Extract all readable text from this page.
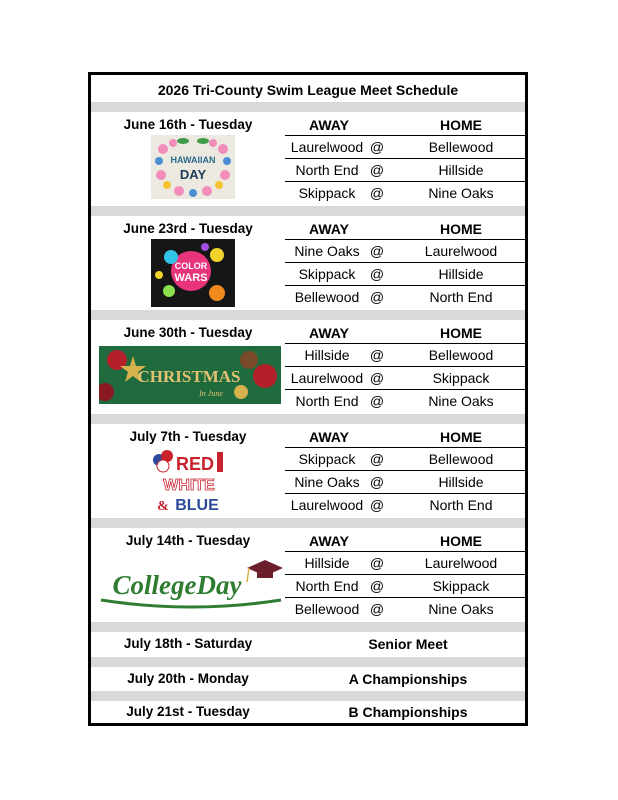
2026 Tri-County Swim League Meet Schedule
June 16th - Tuesday
HAWAIIAN
DAY
AWAY	HOME
Laurelwood @	Bellewood
North End @	Hillside
Skippack	@	Nine Oaks
June 23rd - Tuesday
COLOR
WARS
AWAY	HOME
Nine Oaks @	Laurelwood
Skippack	@	Hillside
Bellewood @	North End
June 30th - Tuesday
CHRISTMAS
In June
AWAY	HOME
Hillside	@	Bellewood
Laurelwood @	Skippack
North End @	Nine Oaks
July 7th - Tuesday
RED
WHITE
& BLUE
AWAY	HOME
Skippack	@	Bellewood
Nine Oaks @	Hillside
Laurelwood @	North End
July 14th - Tuesday
CollegeDay
AWAY	HOME
Hillside	@	Laurelwood
North End @	Skippack
Bellewood @	Nine Oaks
July 18th - Saturday	Senior Meet
July 20th - Monday	A Championships
July 21st - Tuesday	B Championships
